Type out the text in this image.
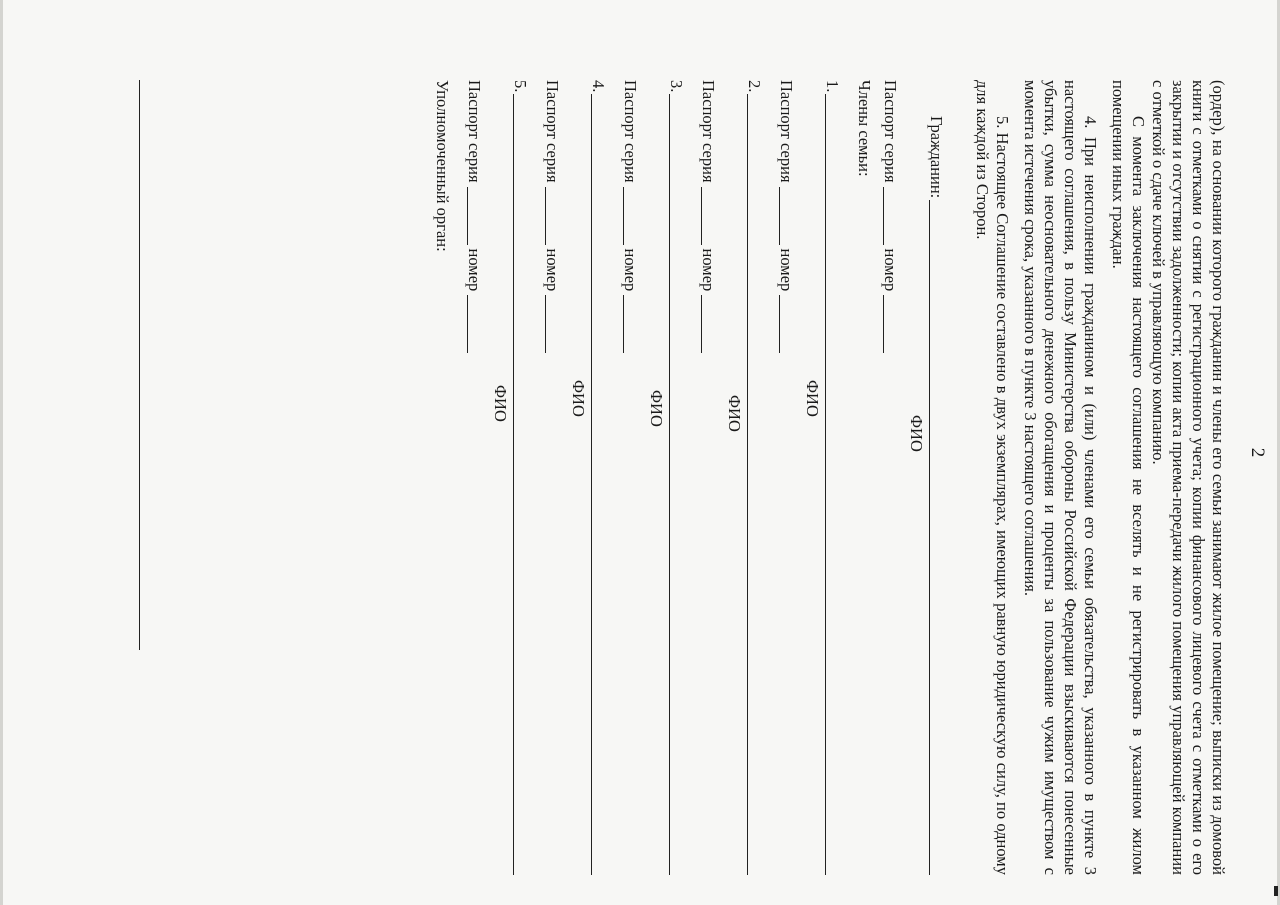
2

(ордер), на основании которого гражданин и члены его семьи занимают жилое помещение; выписки из домовой книги с отметками о снятии с регистрационного учета; копии финансового лицевого счета с отметками о его закрытии и отсутствии задолженности; копии акта приема-передачи жилого помещения управляющей компании с отметкой о сдаче ключей в управляющую компанию.

С момента заключения настоящего соглашения не вселять и не регистрировать в указанном жилом помещении иных граждан.

4. При неисполнении гражданином и (или) членами его семьи обязательства, указанного в пункте 3 настоящего соглашения, в пользу Министерства обороны Российской Федерации взыскиваются понесенные убытки, сумма неосновательного денежного обогащения и проценты за пользование чужим имуществом с момента истечения срока, указанного в пункте 3 настоящего соглашения.

5. Настоящее Соглашение составлено в двух экземплярах, имеющих равную юридическую силу, по одному для каждой из Сторон.

Гражданин:
ФИО
Паспорт серия
номер
Члены семьи:
1.
ФИО
Паспорт серия
номер
2.
ФИО
Паспорт серия
номер
3.
ФИО
Паспорт серия
номер
4.
ФИО
Паспорт серия
номер
5.
ФИО
Паспорт серия
номер
Уполномоченный орган:
